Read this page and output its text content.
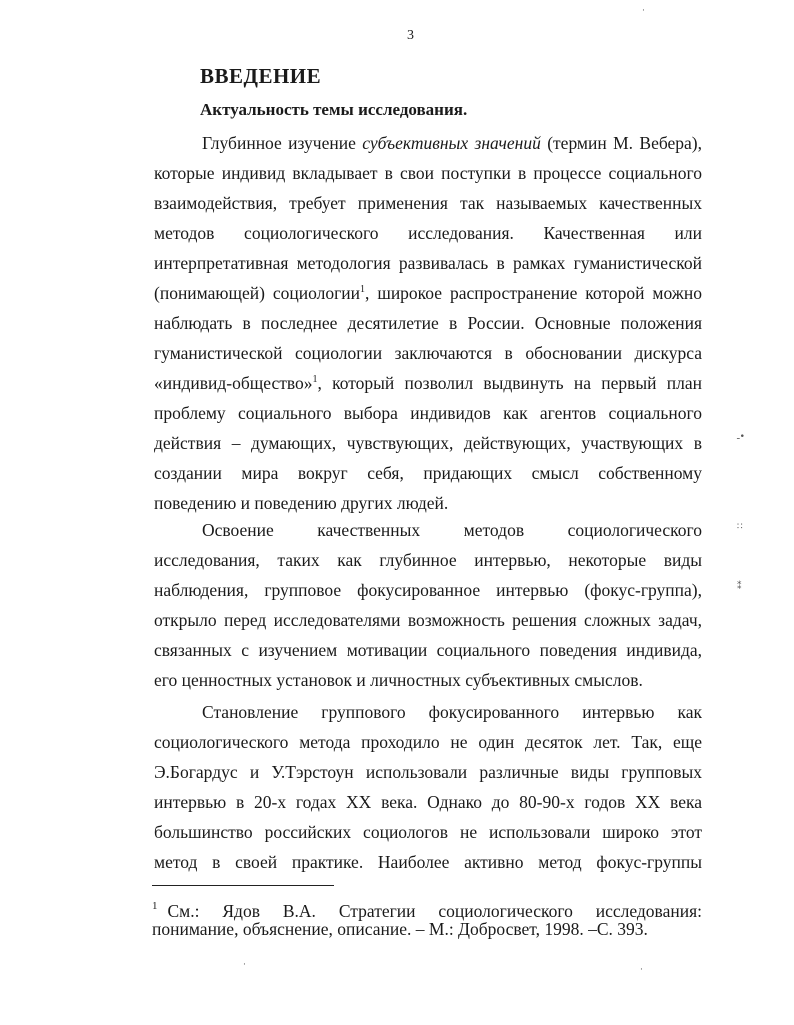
3
ВВЕДЕНИЕ
Актуальность темы исследования.
Глубинное изучение субъективных значений (термин М. Вебера),
которые индивид вкладывает в свои поступки в процессе социального
взаимодействия, требует применения так называемых качественных
методов социологического исследования. Качественная или
интерпретативная методология развивалась в рамках гуманистической
(понимающей) социологии$^1$, широкое распространение которой можно
наблюдать в последнее десятилетие в России. Основные положения
гуманистической социологии заключаются в обосновании дискурса
«индивид-общество»$^1$, который позволил выдвинуть на первый план
проблему социального выбора индивидов как агентов социального
действия – думающих, чувствующих, действующих, участвующих в
создании мира вокруг себя, придающих смысл собственному
поведению и поведению других людей.
Освоение качественных методов социологического
исследования, таких как глубинное интервью, некоторые виды
наблюдения, групповое фокусированное интервью (фокус-группа),
открыло перед исследователями возможность решения сложных задач,
связанных с изучением мотивации социального поведения индивида,
его ценностных установок и личностных субъективных смыслов.
Становление группового фокусированного интервью как
социологического метода проходило не один десяток лет. Так, еще
Э.Богардус и У.Тэрстоун использовали различные виды групповых
интервью в 20-х годах XX века. Однако до 80-90-х годов XX века
большинство российских социологов не использовали широко этот
метод в своей практике. Наиболее активно метод фокус-группы
$^1$ См.: Ядов В.А. Стратегии социологического исследования:
понимание, объяснение, описание. – М.: Добросвет, 1998. –С. 393.
ـ•
∷
⁑
·
·	·
